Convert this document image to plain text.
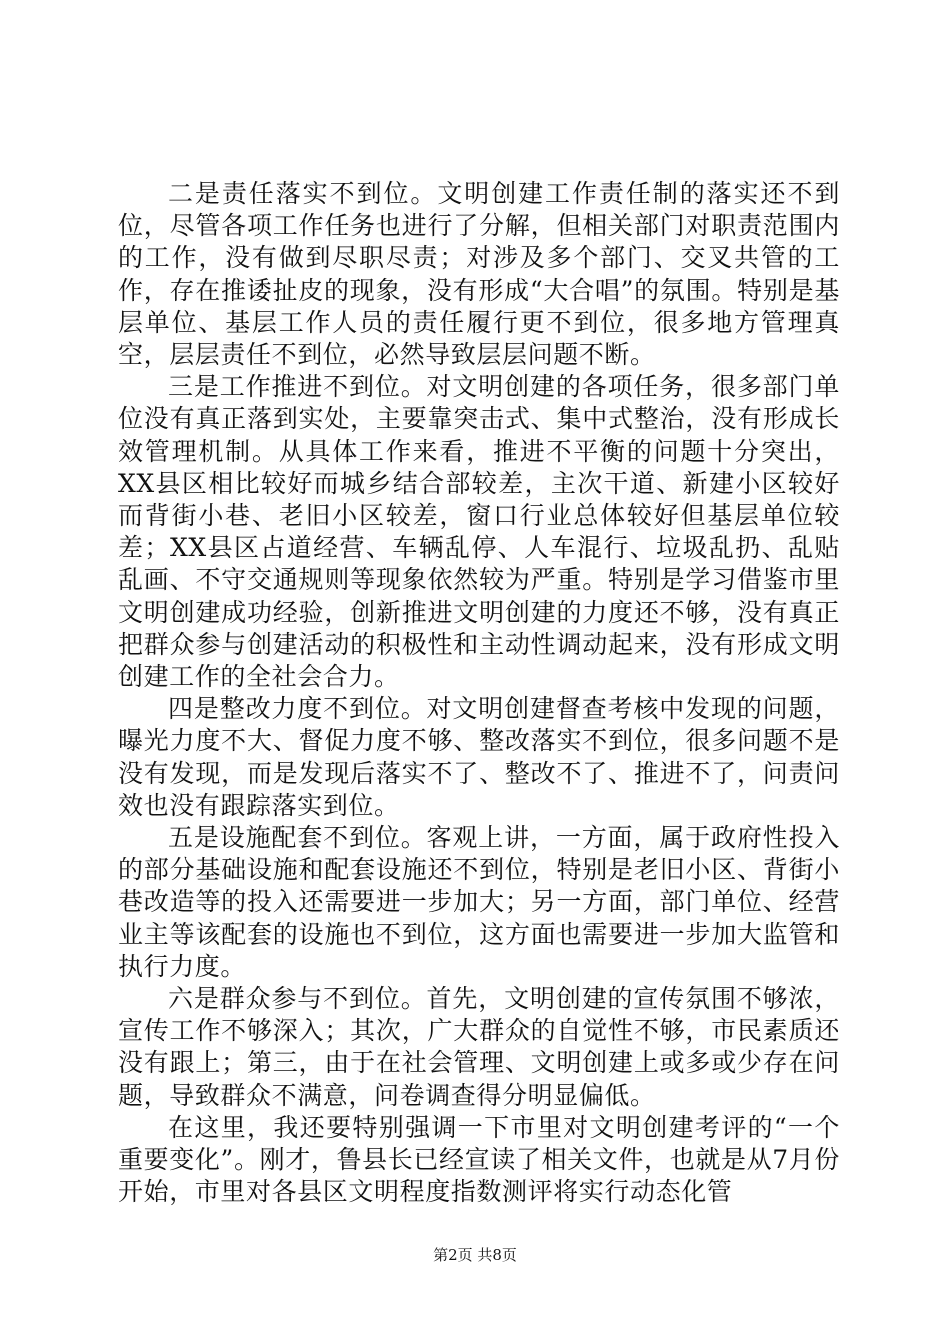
二是责任落实不到位。文明创建工作责任制的落实还不到位，尽管各项工作任务也进行了分解，但相关部门对职责范围内的工作，没有做到尽职尽责；对涉及多个部门、交叉共管的工作，存在推诿扯皮的现象，没有形成“大合唱”的氛围。特别是基层单位、基层工作人员的责任履行更不到位，很多地方管理真空，层层责任不到位，必然导致层层问题不断。

三是工作推进不到位。对文明创建的各项任务，很多部门单位没有真正落到实处，主要靠突击式、集中式整治，没有形成长效管理机制。从具体工作来看，推进不平衡的问题十分突出，XX县区相比较好而城乡结合部较差，主次干道、新建小区较好而背街小巷、老旧小区较差，窗口行业总体较好但基层单位较差；XX县区占道经营、车辆乱停、人车混行、垃圾乱扔、乱贴乱画、不守交通规则等现象依然较为严重。特别是学习借鉴市里文明创建成功经验，创新推进文明创建的力度还不够，没有真正把群众参与创建活动的积极性和主动性调动起来，没有形成文明创建工作的全社会合力。

四是整改力度不到位。对文明创建督查考核中发现的问题，曝光力度不大、督促力度不够、整改落实不到位，很多问题不是没有发现，而是发现后落实不了、整改不了、推进不了，问责问效也没有跟踪落实到位。

五是设施配套不到位。客观上讲，一方面，属于政府性投入的部分基础设施和配套设施还不到位，特别是老旧小区、背街小巷改造等的投入还需要进一步加大；另一方面，部门单位、经营业主等该配套的设施也不到位，这方面也需要进一步加大监管和执行力度。

六是群众参与不到位。首先，文明创建的宣传氛围不够浓，宣传工作不够深入；其次，广大群众的自觉性不够，市民素质还没有跟上；第三，由于在社会管理、文明创建上或多或少存在问题，导致群众不满意，问卷调查得分明显偏低。

在这里，我还要特别强调一下市里对文明创建考评的“一个重要变化”。刚才，鲁县长已经宣读了相关文件，也就是从7月份开始，市里对各县区文明程度指数测评将实行动态化管

第2页 共8页
